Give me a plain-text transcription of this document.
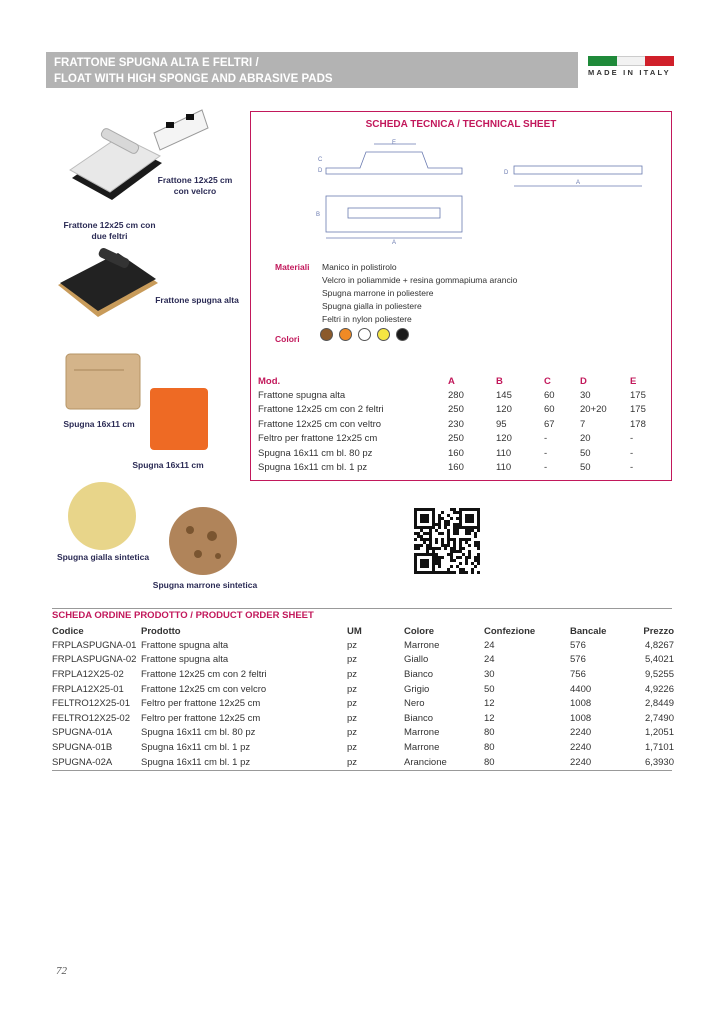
FRATTONE SPUGNA ALTA E FELTRI /
FLOAT WITH HIGH SPONGE AND ABRASIVE PADS
MADE IN ITALY
Frattone 12x25 cm con velcro
Frattone 12x25 cm con due feltri
Frattone spugna alta
Spugna 16x11 cm
Spugna 16x11 cm
Spugna gialla sintetica
Spugna marrone sintetica
SCHEDA TECNICA / TECHNICAL SHEET
E
C
D
B
A
D
A
Materiali Manico in polistirolo
Velcro in poliammide + resina gommapiuma arancio
Spugna marrone in poliestere
Spugna gialla in poliestere
Feltri in nylon poliestere
Colori
Mod.	A	B	C	D	E
Frattone spugna alta	280	145	60	30	175
Frattone 12x25 cm con 2 feltri	250	120	60	20+20	175
Frattone 12x25 cm con veltro	230	95	67	7	178
Feltro per frattone 12x25 cm	250	120	-	20	-
Spugna 16x11 cm bl. 80 pz	160	110	-	50	-
Spugna 16x11 cm bl. 1 pz	160	110	-	50	-
SCHEDA ORDINE PRODOTTO / PRODUCT ORDER SHEET
Codice	Prodotto	UM	Colore	Confezione	Bancale	Prezzo
FRPLASPUGNA-01	Frattone spugna alta	pz	Marrone	24	576	4,8267
FRPLASPUGNA-02	Frattone spugna alta	pz	Giallo	24	576	5,4021
FRPLA12X25-02	Frattone 12x25 cm con 2 feltri	pz	Bianco	30	756	9,5255
FRPLA12X25-01	Frattone 12x25 cm con velcro	pz	Grigio	50	4400	4,9226
FELTRO12X25-01	Feltro per frattone 12x25 cm	pz	Nero	12	1008	2,8449
FELTRO12X25-02	Feltro per frattone 12x25 cm	pz	Bianco	12	1008	2,7490
SPUGNA-01A	Spugna 16x11 cm bl. 80 pz	pz	Marrone	80	2240	1,2051
SPUGNA-01B	Spugna 16x11 cm bl. 1 pz	pz	Marrone	80	2240	1,7101
SPUGNA-02A	Spugna 16x11 cm bl. 1 pz	pz	Arancione	80	2240	6,3930
72
